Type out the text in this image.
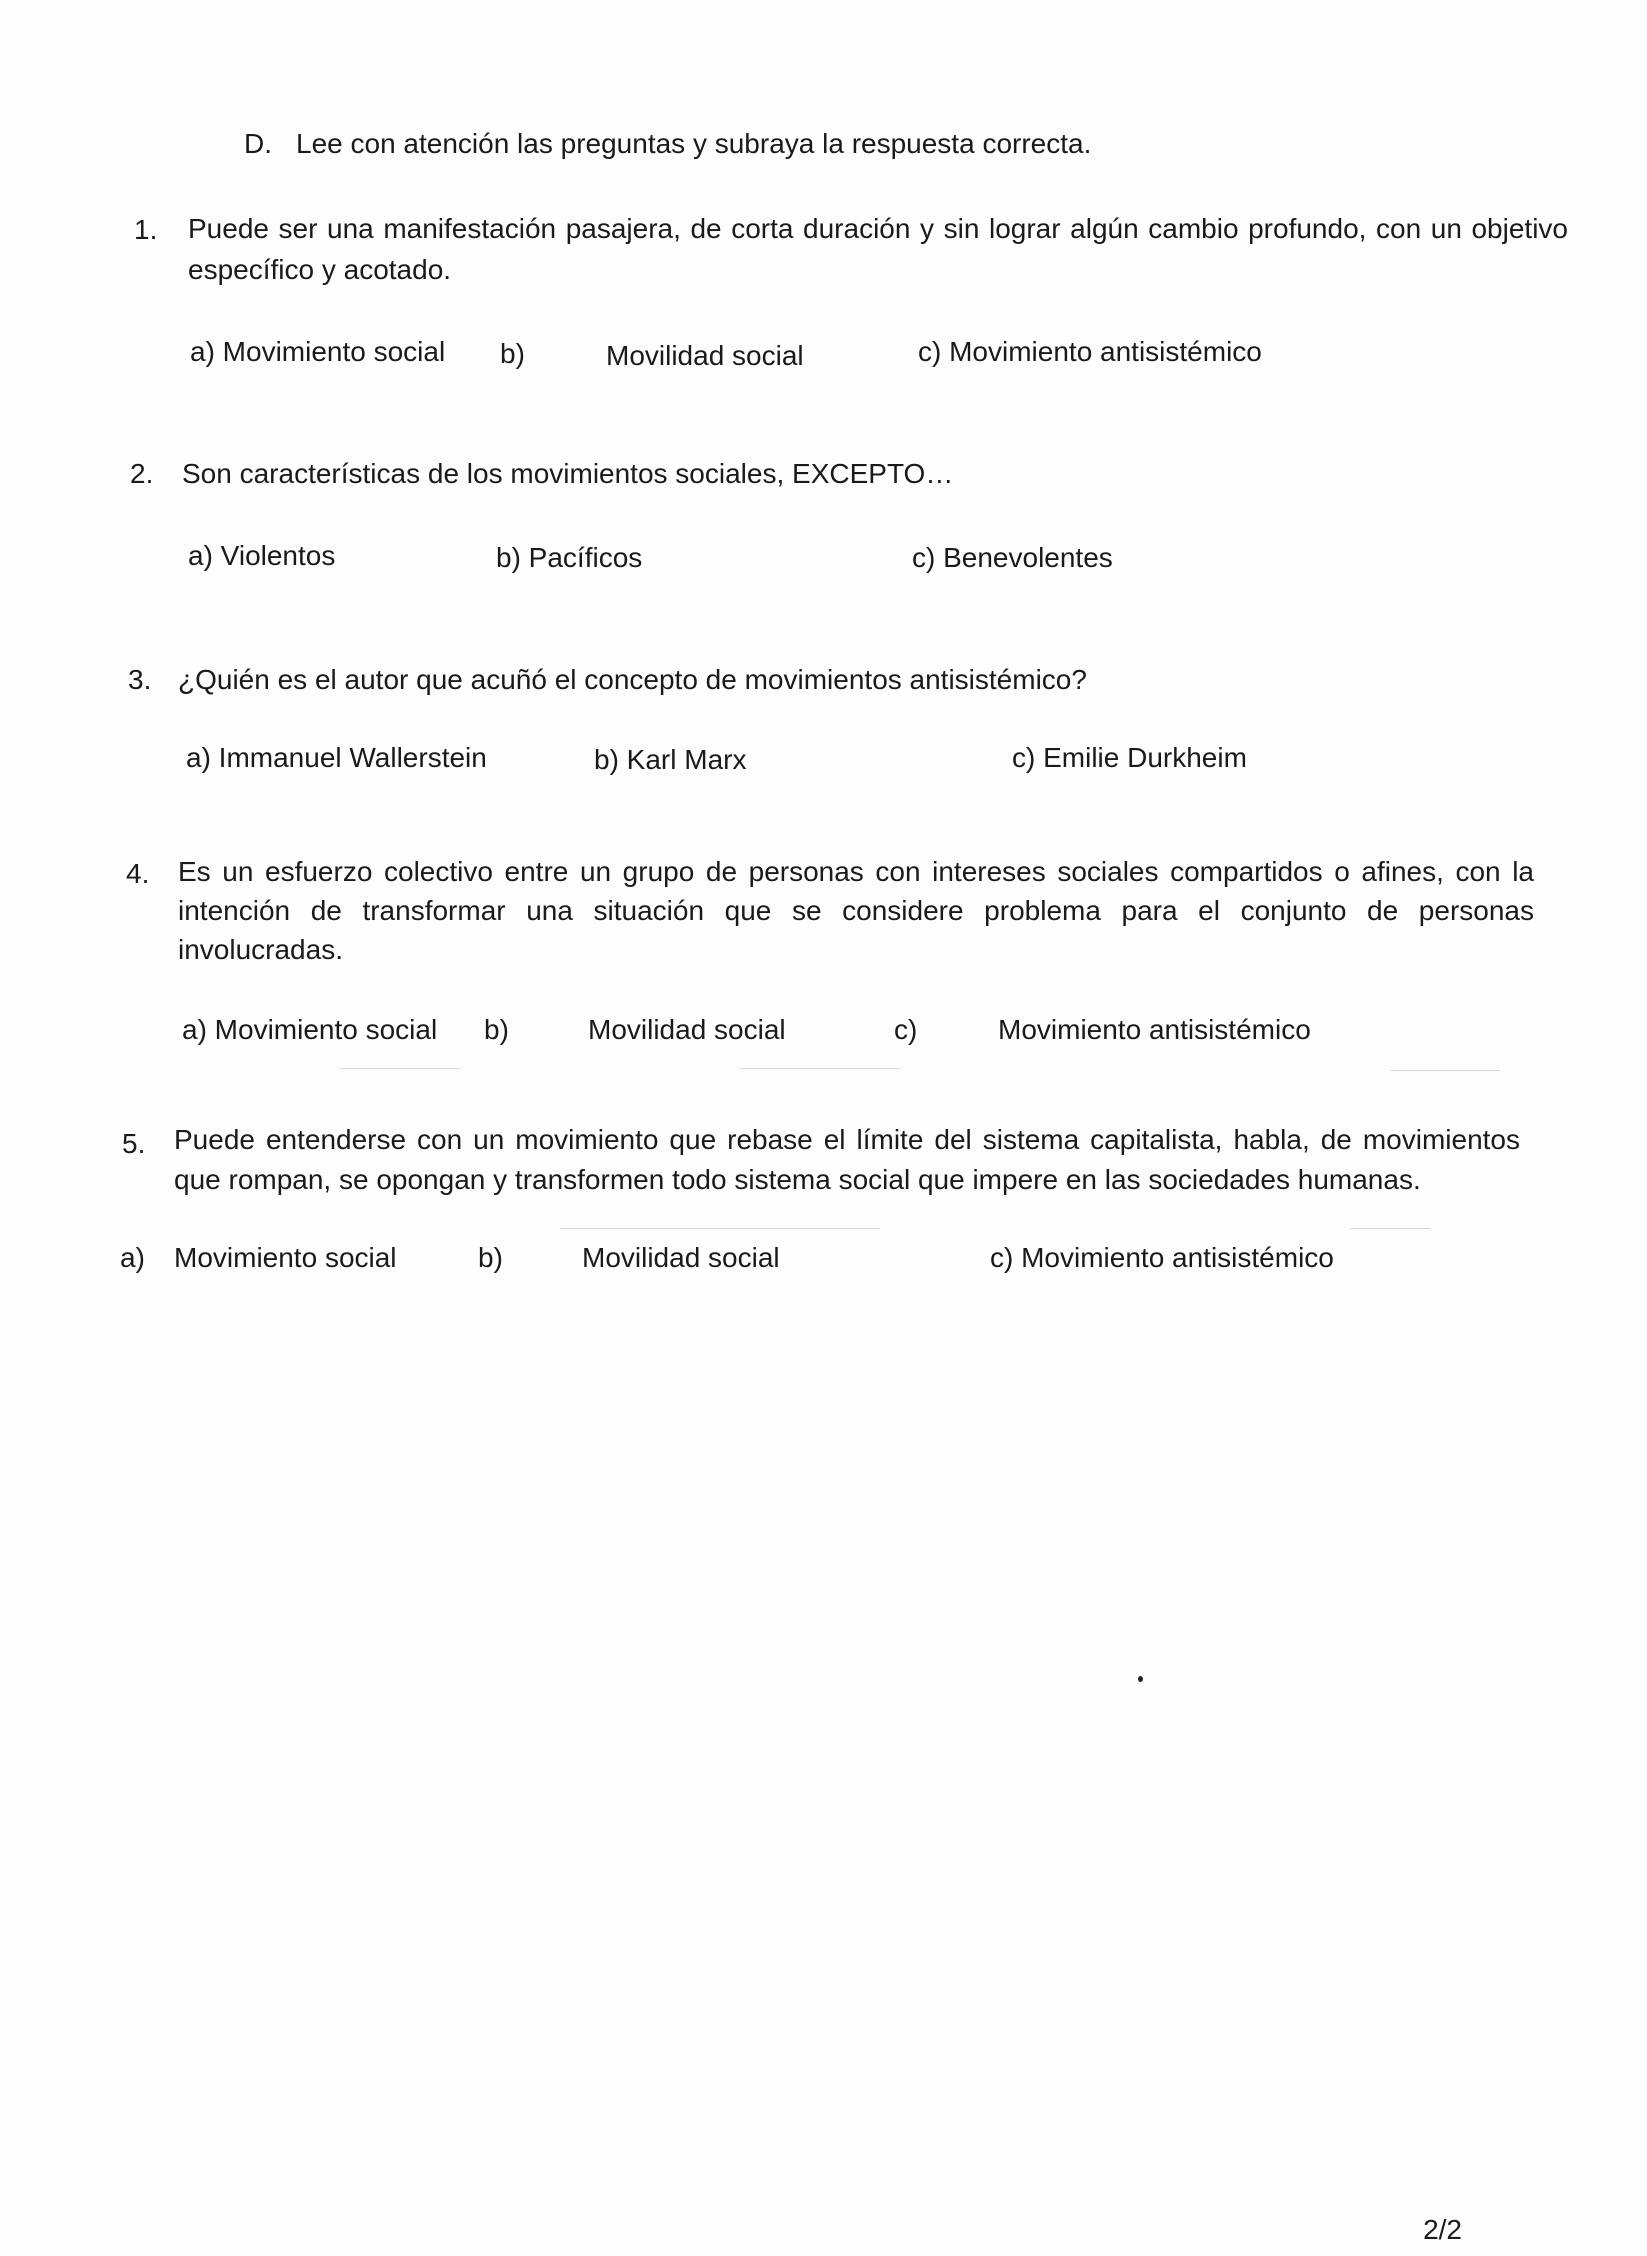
D. Lee con atención las preguntas y subraya la respuesta correcta.
1. Puede ser una manifestación pasajera, de corta duración y sin lograr algún cambio profundo, con un objetivo específico y acotado.
a) Movimiento social b)	Movilidad social	c) Movimiento antisistémico
2. Son características de los movimientos sociales, EXCEPTO…
a) Violentos	b) Pacíficos	c) Benevolentes
3. ¿Quién es el autor que acuñó el concepto de movimientos antisistémico?
a) Immanuel Wallerstein	b) Karl Marx	c) Emilie Durkheim
4. Es un esfuerzo colectivo entre un grupo de personas con intereses sociales compartidos o afines, con la intención de transformar una situación que se considere problema para el conjunto de personas involucradas.
a) Movimiento social b)	Movilidad social	c)	Movimiento antisistémico
5. Puede entenderse con un movimiento que rebase el límite del sistema capitalista, habla, de movimientos que rompan, se opongan y transformen todo sistema social que impere en las sociedades humanas.
a) Movimiento social	b)	Movilidad social	c) Movimiento antisistémico
2/2
